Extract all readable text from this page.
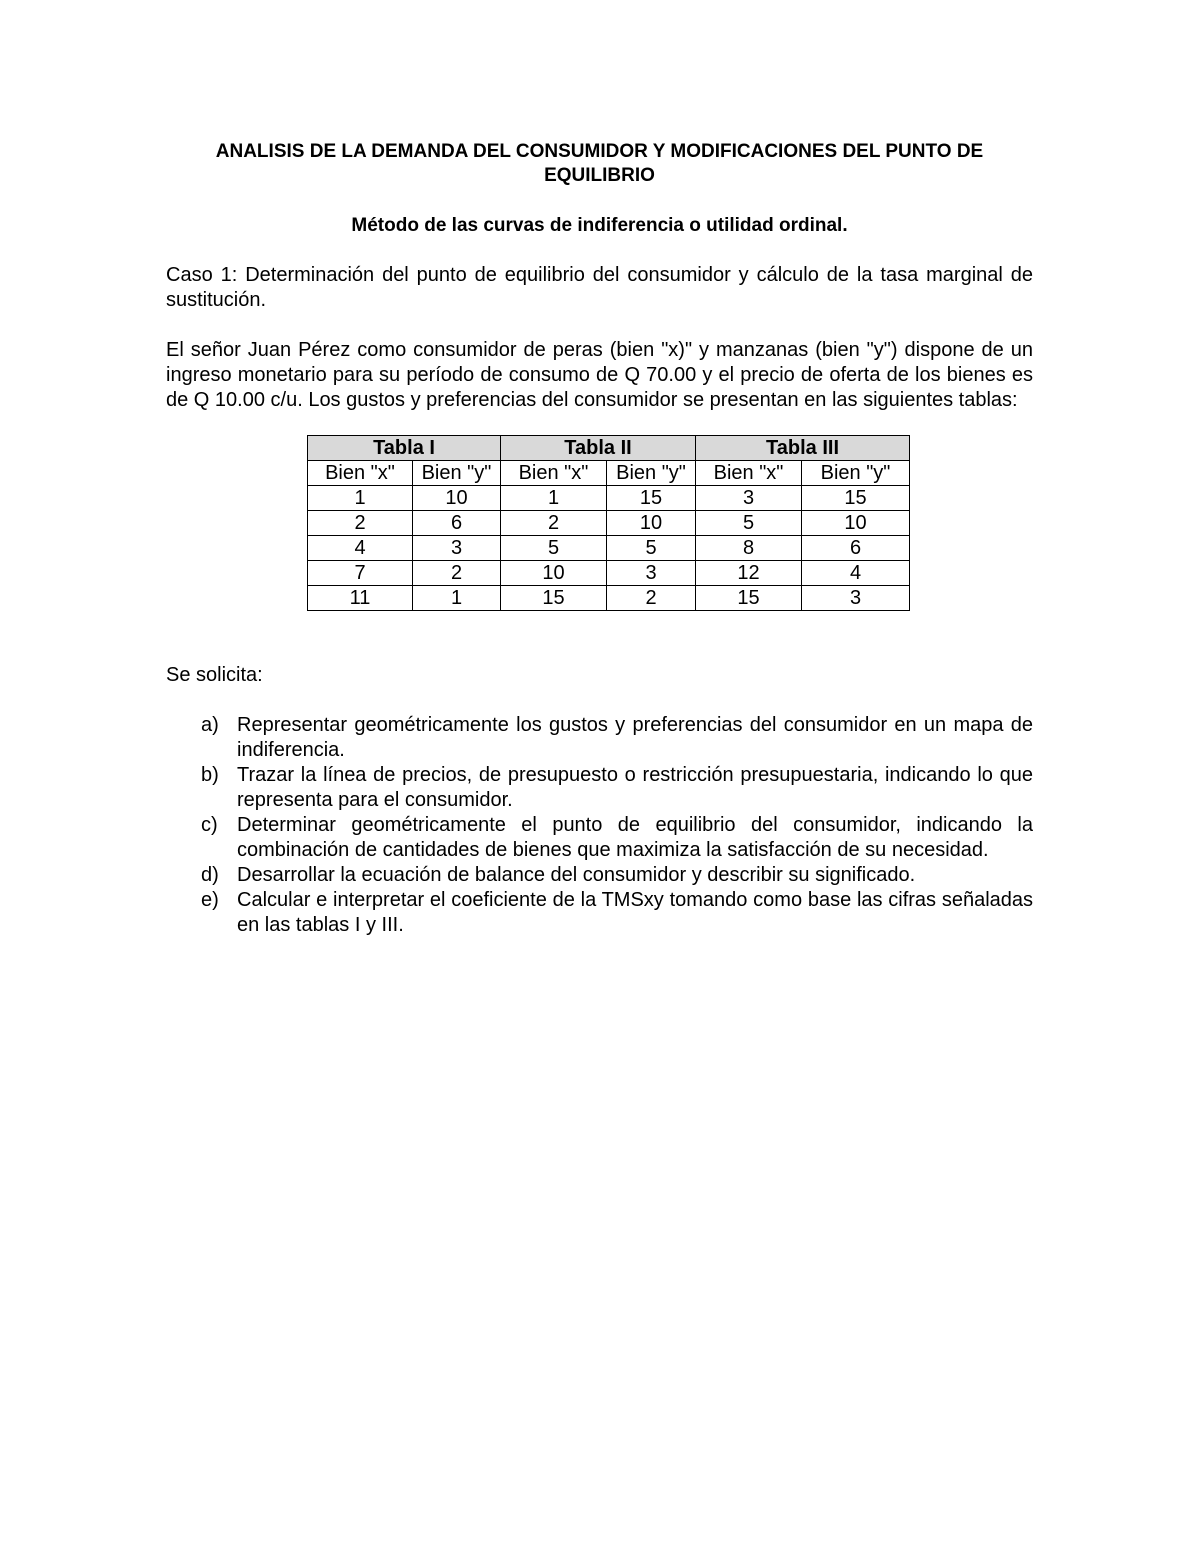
ANALISIS DE LA DEMANDA DEL CONSUMIDOR Y MODIFICACIONES DEL PUNTO DE EQUILIBRIO

Método de las curvas de indiferencia o utilidad ordinal.

Caso 1: Determinación del punto de equilibrio del consumidor y cálculo de la tasa marginal de sustitución.

El señor Juan Pérez como consumidor de peras (bien "x)" y manzanas (bien "y") dispone de un ingreso monetario para su período de consumo de Q 70.00 y el precio de oferta de los bienes es de Q 10.00 c/u. Los gustos y preferencias del consumidor se presentan en las siguientes tablas:

Tabla I		Tabla II		Tabla III	
Bien "x"	Bien "y"	Bien "x"	Bien "y"	Bien "x"	Bien "y"
1	10	1	15	3	15
2	6	2	10	5	10
4	3	5	5	8	6
7	2	10	3	12	4
11	1	15	2	15	3

Se solicita:

a) Representar geométricamente los gustos y preferencias del consumidor en un mapa de indiferencia.
b) Trazar la línea de precios, de presupuesto o restricción presupuestaria, indicando lo que representa para el consumidor.
c) Determinar geométricamente el punto de equilibrio del consumidor, indicando la combinación de cantidades de bienes que maximiza la satisfacción de su necesidad.
d) Desarrollar la ecuación de balance del consumidor y describir su significado.
e) Calcular e interpretar el coeficiente de la TMSxy tomando como base las cifras señaladas en las tablas I y III.
